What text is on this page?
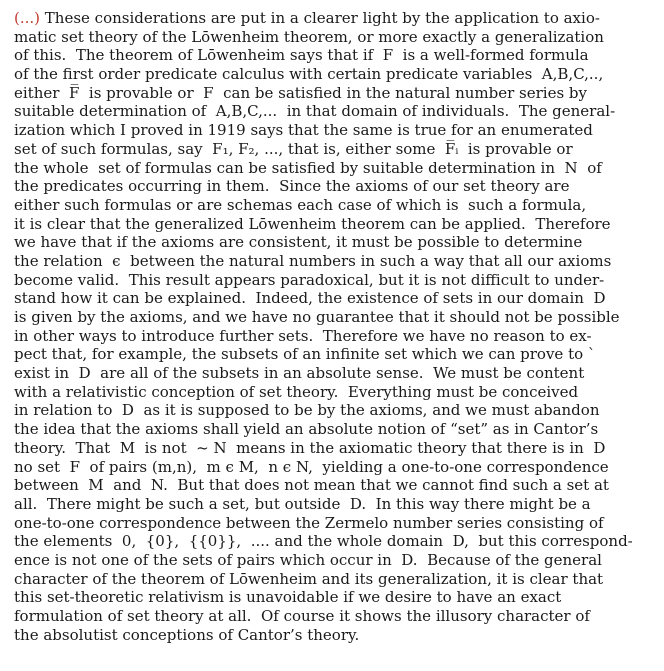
(...) These considerations are put in a clearer light by the application to axio-
matic set theory of the Lōwenheim theorem, or more exactly a generalization
of this.  The theorem of Lōwenheim says that if  F  is a well-formed formula
of the first order predicate calculus with certain predicate variables  A,B,C,..,
either  F̅  is provable or  F  can be satisfied in the natural number series by
suitable determination of  A,B,C,...  in that domain of individuals.  The general-
ization which I proved in 1919 says that the same is true for an enumerated
set of such formulas, say  F₁, F₂, ..., that is, either some  F̅ᵢ  is provable or
the whole  set of formulas can be satisfied by suitable determination in  N  of
the predicates occurring in them.  Since the axioms of our set theory are
either such formulas or are schemas each case of which is  such a formula,
it is clear that the generalized Lōwenheim theorem can be applied.  Therefore
we have that if the axioms are consistent, it must be possible to determine
the relation  ϵ  between the natural numbers in such a way that all our axioms
become valid.  This result appears paradoxical, but it is not difficult to under-
stand how it can be explained.  Indeed, the existence of sets in our domain  D
is given by the axioms, and we have no guarantee that it should not be possible
in other ways to introduce further sets.  Therefore we have no reason to ex-
pect that, for example, the subsets of an infinite set which we can prove to `
exist in  D  are all of the subsets in an absolute sense.  We must be content
with a relativistic conception of set theory.  Everything must be conceived
in relation to  D  as it is supposed to be by the axioms, and we must abandon
the idea that the axioms shall yield an absolute notion of “set” as in Cantor’s
theory.  That  M  is not  ~ N  means in the axiomatic theory that there is in  D
no set  F  of pairs (m,n),  m ϵ M,  n ϵ N,  yielding a one-to-one correspondence
between  M  and  N.  But that does not mean that we cannot find such a set at
all.  There might be such a set, but outside  D.  In this way there might be a
one-to-one correspondence between the Zermelo number series consisting of
the elements  0,  {0},  {{0}},  .... and the whole domain  D,  but this correspond-
ence is not one of the sets of pairs which occur in  D.  Because of the general
character of the theorem of Lōwenheim and its generalization, it is clear that
this set-theoretic relativism is unavoidable if we desire to have an exact
formulation of set theory at all.  Of course it shows the illusory character of
the absolutist conceptions of Cantor’s theory.
